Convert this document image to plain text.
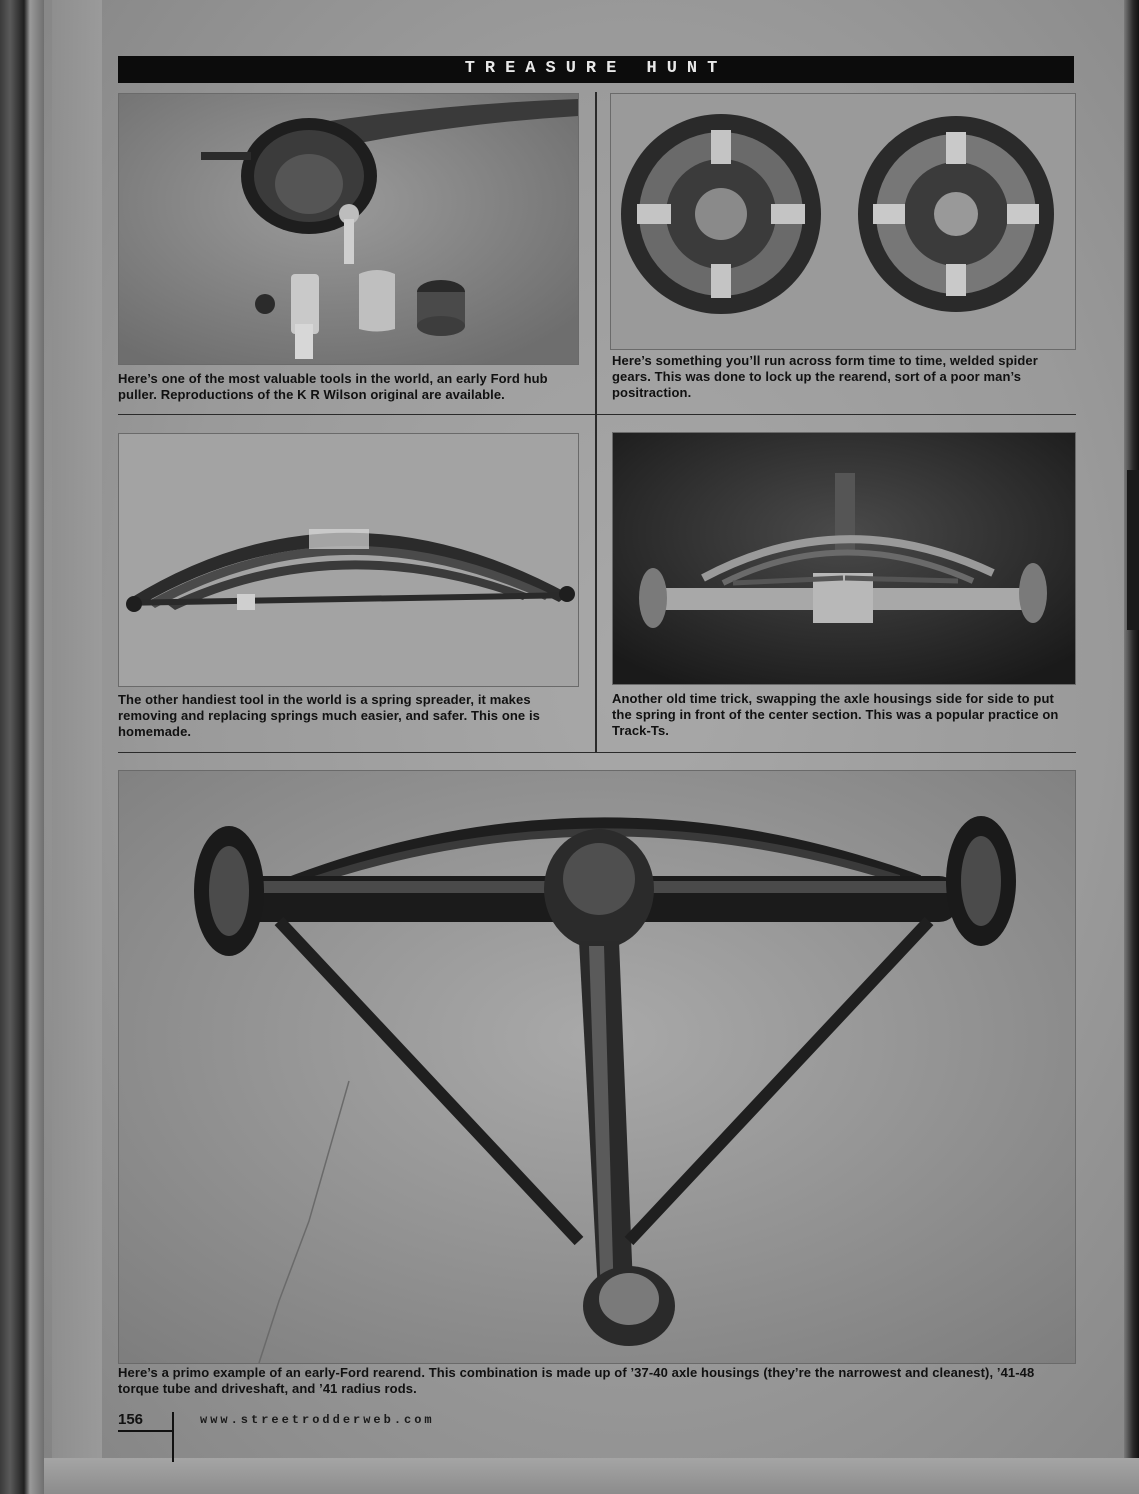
TREASURE HUNT
Here’s one of the most valuable tools in the world, an early Ford hub puller. Reproductions of the K R Wilson original are available.
Here’s something you’ll run across form time to time, welded spider gears. This was done to lock up the rearend, sort of a poor man’s positraction.
The other handiest tool in the world is a spring spreader, it makes removing and replacing springs much easier, and safer. This one is homemade.
Another old time trick, swapping the axle housings side for side to put the spring in front of the center section. This was a popular practice on Track-Ts.
Here’s a primo example of an early-Ford rearend. This combination is made up of ’37-40 axle housings (they’re the narrowest and cleanest), ’41-48 torque tube and driveshaft, and ’41 radius rods.
156	www.streetrodderweb.com
